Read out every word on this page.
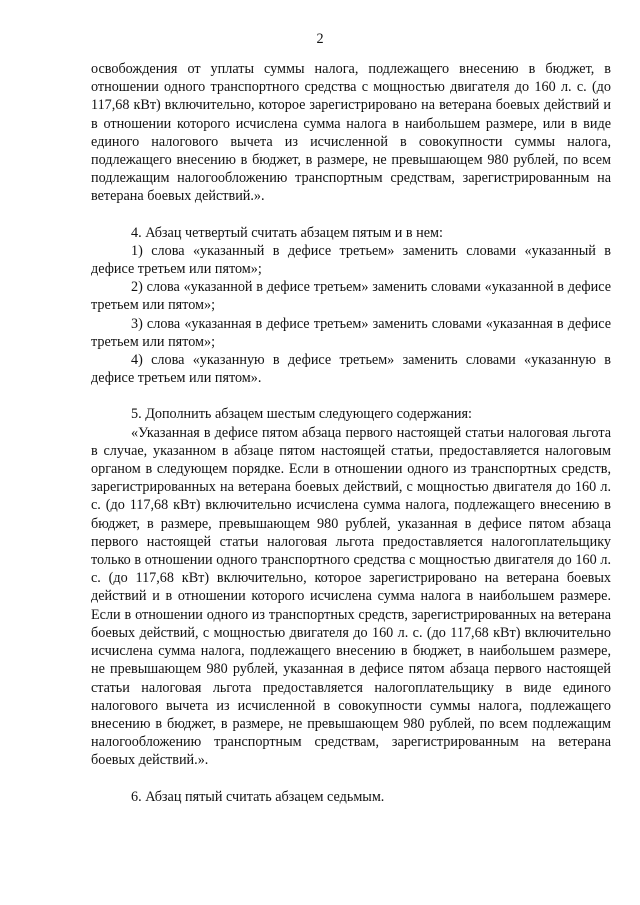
2

освобождения от уплаты суммы налога, подлежащего внесению в бюджет, в отношении одного транспортного средства с мощностью двигателя до 160 л. с. (до 117,68 кВт) включительно, которое зарегистрировано на ветерана боевых действий и в отношении которого исчислена сумма налога в наибольшем размере, или в виде единого налогового вычета из исчисленной в совокупности суммы налога, подлежащего внесению в бюджет, в размере, не превышающем 980 рублей, по всем подлежащим налогообложению транспортным средствам, зарегистрированным на ветерана боевых действий.».

4. Абзац четвертый считать абзацем пятым и в нем:

1) слова «указанный в дефисе третьем» заменить словами «указанный в дефисе третьем или пятом»;

2) слова «указанной в дефисе третьем» заменить словами «указанной в дефисе третьем или пятом»;

3) слова «указанная в дефисе третьем» заменить словами «указанная в дефисе третьем или пятом»;

4) слова «указанную в дефисе третьем» заменить словами «указанную в дефисе третьем или пятом».

5. Дополнить абзацем шестым следующего содержания:

«Указанная в дефисе пятом абзаца первого настоящей статьи налоговая льгота в случае, указанном в абзаце пятом настоящей статьи, предоставляется налоговым органом в следующем порядке. Если в отношении одного из транспортных средств, зарегистрированных на ветерана боевых действий, с мощностью двигателя до 160 л. с. (до 117,68 кВт) включительно исчислена сумма налога, подлежащего внесению в бюджет, в размере, превышающем 980 рублей, указанная в дефисе пятом абзаца первого настоящей статьи налоговая льгота предоставляется налогоплательщику только в отношении одного транспортного средства с мощностью двигателя до 160 л. с. (до 117,68 кВт) включительно, которое зарегистрировано на ветерана боевых действий и в отношении которого исчислена сумма налога в наибольшем размере. Если в отношении одного из транспортных средств, зарегистрированных на ветерана боевых действий, с мощностью двигателя до 160 л. с. (до 117,68 кВт) включительно исчислена сумма налога, подлежащего внесению в бюджет, в наибольшем размере, не превышающем 980 рублей, указанная в дефисе пятом абзаца первого настоящей статьи налоговая льгота предоставляется налогоплательщику в виде единого налогового вычета из исчисленной в совокупности суммы налога, подлежащего внесению в бюджет, в размере, не превышающем 980 рублей, по всем подлежащим налогообложению транспортным средствам, зарегистрированным на ветерана боевых действий.».

6. Абзац пятый считать абзацем седьмым.
